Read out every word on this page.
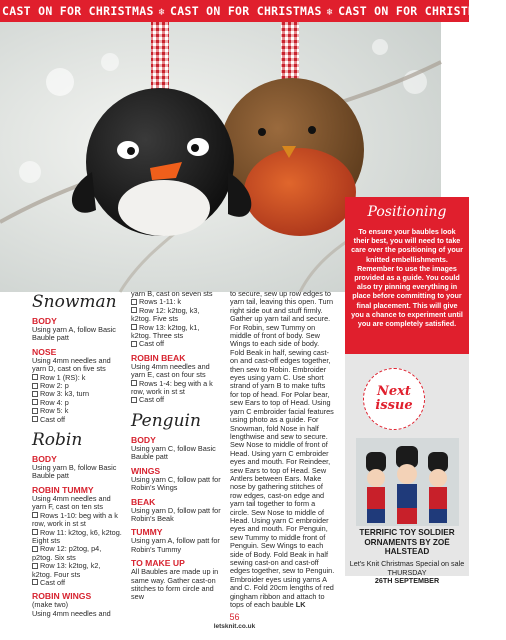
CAST ON FOR CHRISTMAS ❄ CAST ON FOR CHRISTMAS ❄ CAST ON FOR CHRISTMAS ❄
Positioning
To ensure your baubles look their best, you will need to take care over the positioning of your knitted embellishments. Remember to use the images provided as a guide. You could also try pinning everything in place before committing to your final placement. This will give you a chance to experiment until you are completely satisfied.
Snowman
BODY
Using yarn A, follow Basic Bauble patt
NOSE
Using 4mm needles and yarn D, cast on five sts
Row 1 (RS): k
Row 2: p
Row 3: k3, turn
Row 4: p
Row 5: k
Cast off
Robin
BODY
Using yarn B, follow Basic Bauble patt
ROBIN TUMMY
Using 4mm needles and yarn F, cast on ten sts
Rows 1-10: beg with a k row, work in st st
Row 11: k2tog, k6, k2tog. Eight sts
Row 12: p2tog, p4, p2tog. Six sts
Row 13: k2tog, k2, k2tog. Four sts
Cast off
ROBIN WINGS
(make two)
Using 4mm needles and
yarn B, cast on seven sts
Rows 1-11: k
Row 12: k2tog, k3, k2tog. Five sts
Row 13: k2tog, k1, k2tog. Three sts
Cast off
ROBIN BEAK
Using 4mm needles and yarn E, cast on four sts
Rows 1-4: beg with a k row, work in st st
Cast off
Penguin
BODY
Using yarn C, follow Basic Bauble patt
WINGS
Using yarn C, follow patt for Robin's Wings
BEAK
Using yarn D, follow patt for Robin's Beak
TUMMY
Using yarn A, follow patt for Robin's Tummy
TO MAKE UP
All Baubles are made up in same way. Gather cast-on stitches to form circle and sew
to secure, sew up row edges to yarn tail, leaving this open. Turn right side out and stuff firmly. Gather up yarn tail and secure. For Robin, sew Tummy on middle of front of body. Sew Wings to each side of body. Fold Beak in half, sewing cast-on and cast-off edges together, then sew to Robin. Embroider eyes using yarn C. Use short strand of yarn B to make tufts for top of head. For Polar bear, sew Ears to top of Head. Using yarn C embroider facial features using photo as a guide. For Snowman, fold Nose in half lengthwise and sew to secure. Sew Nose to middle of front of Head. Using yarn C embroider eyes and mouth. For Reindeer, sew Ears to top of Head. Sew Antlers between Ears. Make nose by gathering stitches of row edges, cast-on edge and yarn tail together to form a circle. Sew Nose to middle of Head. Using yarn C embroider eyes and mouth. For Penguin, sew Tummy to middle front of Penguin. Sew Wings to each side of Body. Fold Beak in half sewing cast-on and cast-off edges together, sew to Penguin. Embroider eyes using yarns A and C. Fold 20cm lengths of red gingham ribbon and attach to tops of each bauble LK
Next
issue
TERRIFIC TOY SOLDIER ORNAMENTS BY ZOË HALSTEAD
Let's Knit Christmas Special on sale THURSDAY
26TH SEPTEMBER
56
letsknit.co.uk
